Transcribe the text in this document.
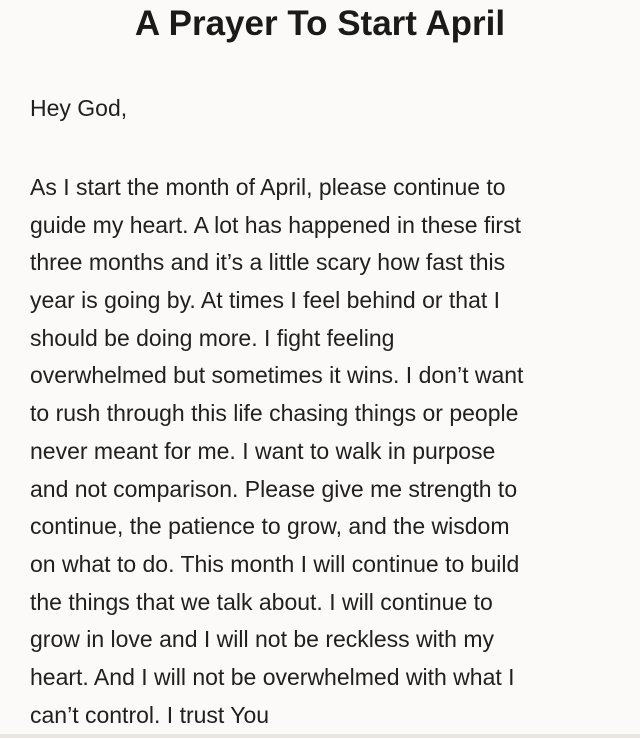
A Prayer To Start April

Hey God,

As I start the month of April, please continue to
guide my heart. A lot has happened in these first
three months and it’s a little scary how fast this
year is going by. At times I feel behind or that I
should be doing more. I fight feeling
overwhelmed but sometimes it wins. I don’t want
to rush through this life chasing things or people
never meant for me. I want to walk in purpose
and not comparison. Please give me strength to
continue, the patience to grow, and the wisdom
on what to do. This month I will continue to build
the things that we talk about. I will continue to
grow in love and I will not be reckless with my
heart. And I will not be overwhelmed with what I
can’t control. I trust You
